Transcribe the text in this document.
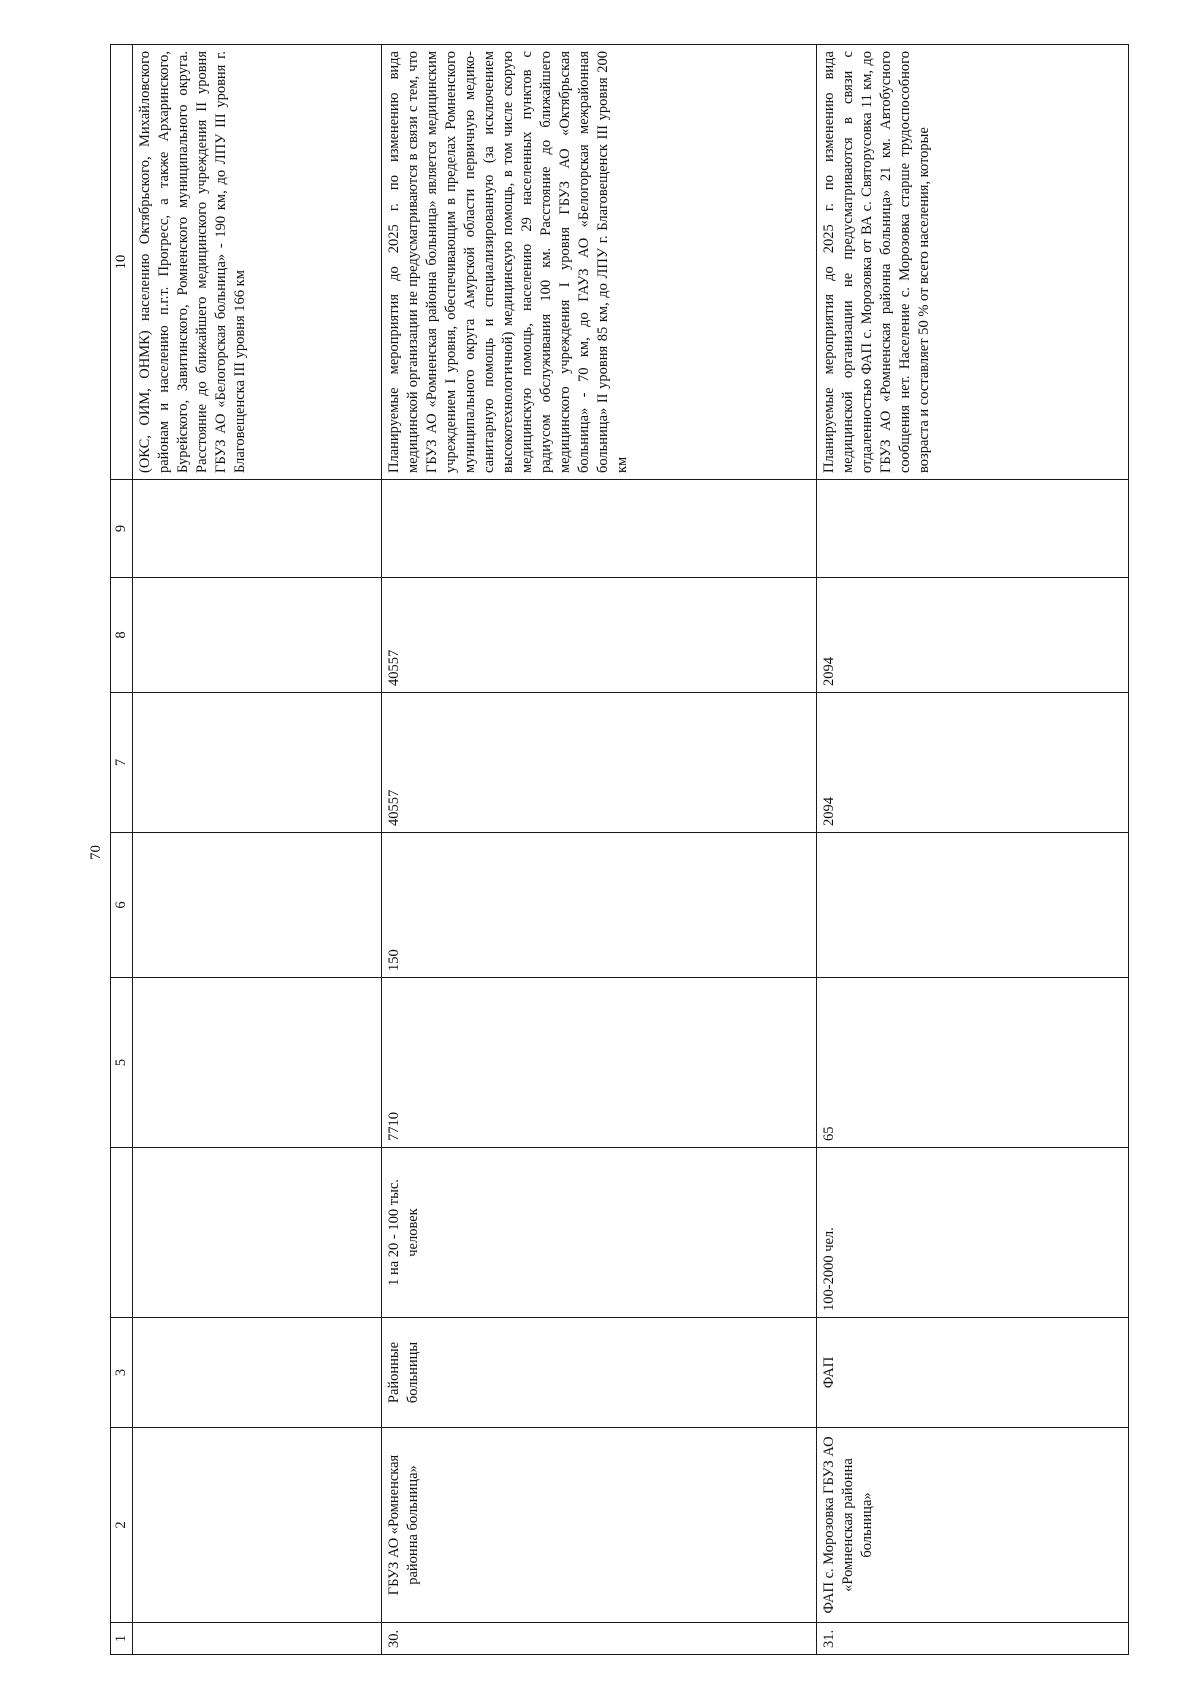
70
1	2	3		5	6	7	8	9	10
									(ОКС, ОИМ, ОНМК) населению Октябрьского, Михайловского районам и населению п.г.т. Прогресс, а также Архаринского, Бурейского, Завитинского, Ромненского муниципального округа. Расстояние до ближайшего медицинского учреждения II уровня ГБУЗ АО «Белогорская больница» - 190 км, до ЛПУ III уровня г. Благовещенска III уровня 166 км
30.	ГБУЗ АО «Ромненская районна больница»	Районные больницы	1 на 20 - 100 тыс. человек	7710	150	40557	40557		Планируемые мероприятия до 2025 г. по изменению вида медицинской организации не предусматриваются в связи с тем, что ГБУЗ АО «Ромненская районна больница» является медицинским учреждением I уровня, обеспечивающим в пределах Ромненского муниципального округа Амурской области первичную медико-санитарную помощь и специализированную (за исключением высокотехнологичной) медицинскую помощь, в том числе скорую медицинскую помощь, населению 29 населенных пунктов с радиусом обслуживания 100 км. Расстояние до ближайшего медицинского учреждения I уровня ГБУЗ АО «Октябрьская больница» - 70 км, до ГАУЗ АО «Белогорская межрайонная больница» II уровня 85 км, до ЛПУ г. Благовещенск III уровня 200 км
31.	ФАП с. Морозовка ГБУЗ АО «Ромненская районна больница»	ФАП	100-2000 чел.	65		2094	2094		Планируемые мероприятия до 2025 г. по изменению вида медицинской организации не предусматриваются в связи с отдаленностью ФАП с. Морозовка от ВА с. Святорусовка 11 км, до ГБУЗ АО «Ромненская районна больница» 21 км. Автобусного сообщения нет. Население с. Морозовка старше трудоспособного возраста и составляет 50 % от всего населения, которые
